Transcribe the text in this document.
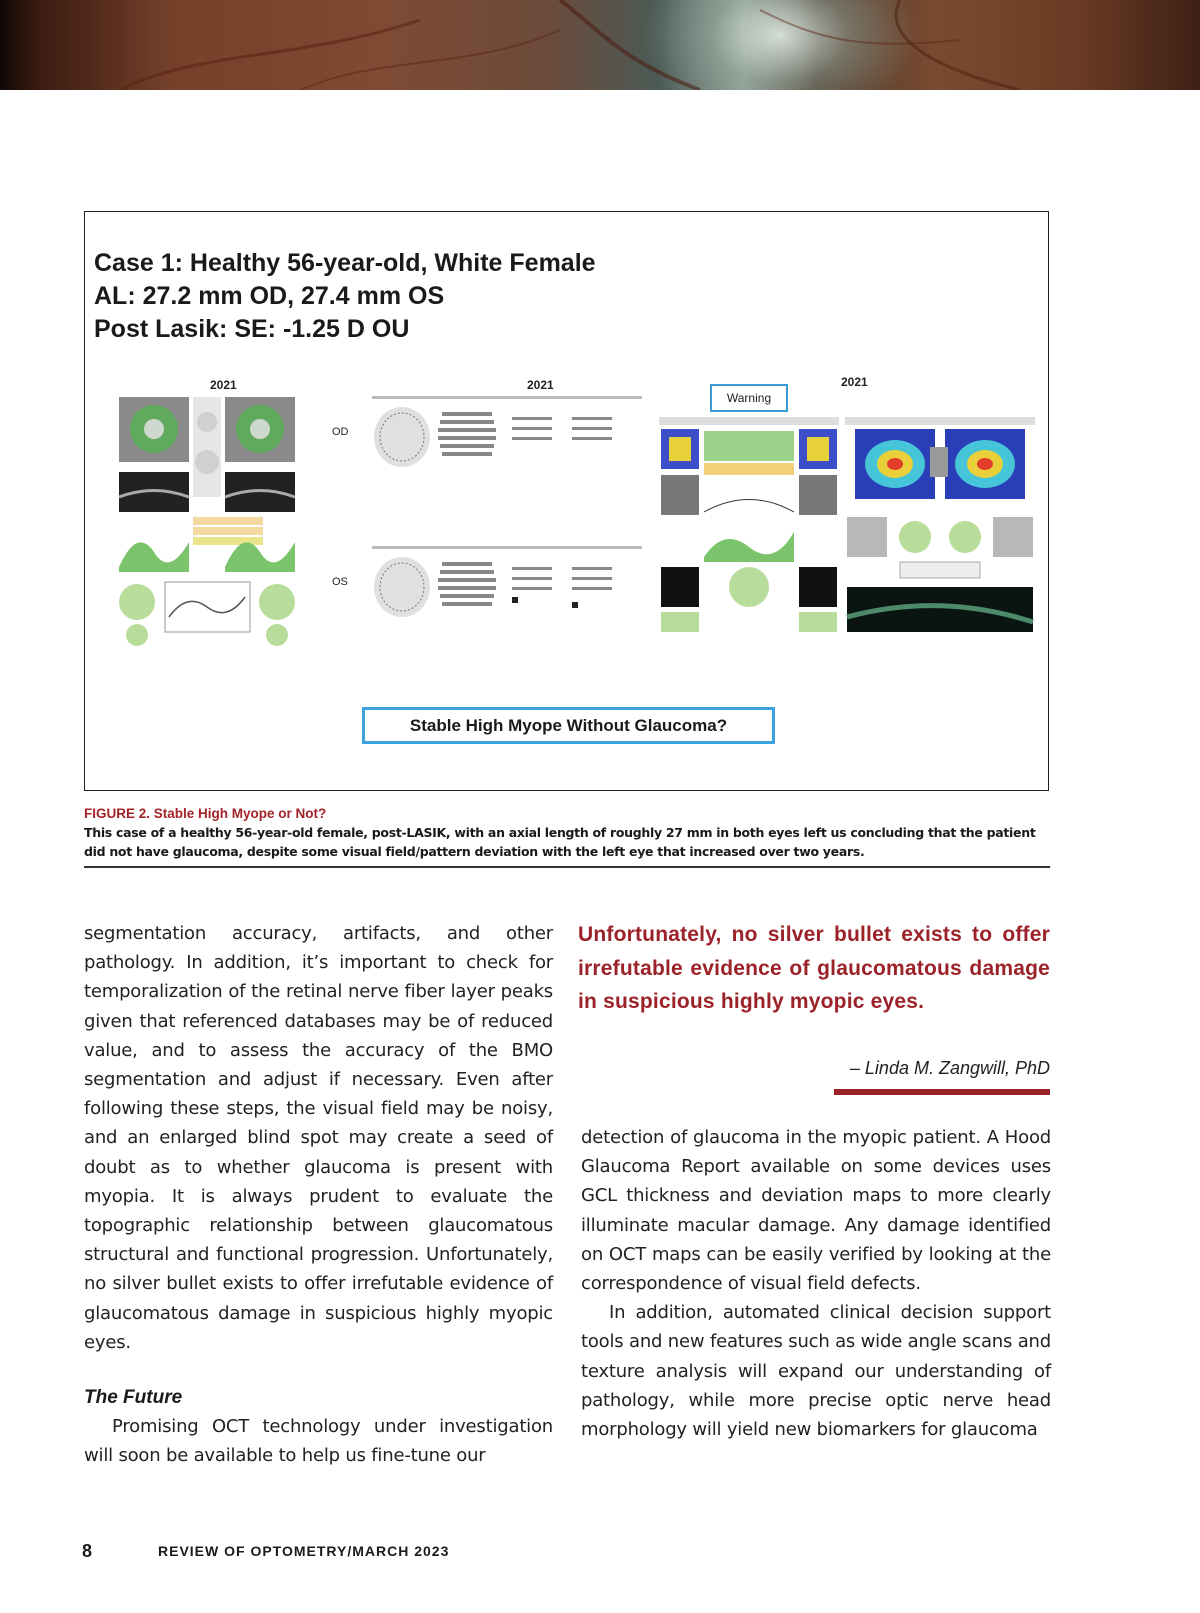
Case 1: Healthy 56-year-old, White Female
AL: 27.2 mm OD, 27.4 mm OS
Post Lasik: SE: -1.25 D OU
2021	2021	2021
OD
OS
Warning
Stable High Myope Without Glaucoma?
FIGURE 2. Stable High Myope or Not?
This case of a healthy 56-year-old female, post-LASIK, with an axial length of roughly 27 mm in both eyes left us concluding that the patient did not have glaucoma, despite some visual field/pattern deviation with the left eye that increased over two years.
segmentation accuracy, artifacts, and other pathology. In addition, it’s important to check for temporalization of the retinal nerve fiber layer peaks given that referenced databases may be of reduced value, and to assess the accuracy of the BMO segmentation and adjust if necessary. Even after following these steps, the visual field may be noisy, and an enlarged blind spot may create a seed of doubt as to whether glaucoma is present with myopia. It is always prudent to evaluate the topographic relationship between glaucomatous structural and functional progression. Unfortunately, no silver bullet exists to offer irrefutable evidence of glaucomatous damage in suspicious highly myopic eyes.
The Future
Promising OCT technology under investigation will soon be available to help us fine-tune our
Unfortunately, no silver bullet exists to offer irrefutable evidence of glaucomatous damage in suspicious highly myopic eyes.
– Linda M. Zangwill, PhD
detection of glaucoma in the myopic patient. A Hood Glaucoma Report available on some devices uses GCL thickness and deviation maps to more clearly illuminate macular damage. Any damage identified on OCT maps can be easily verified by looking at the correspondence of visual field defects.
In addition, automated clinical decision support tools and new features such as wide angle scans and texture analysis will expand our understanding of pathology, while more precise optic nerve head morphology will yield new biomarkers for glaucoma
8	REVIEW OF OPTOMETRY/MARCH 2023
